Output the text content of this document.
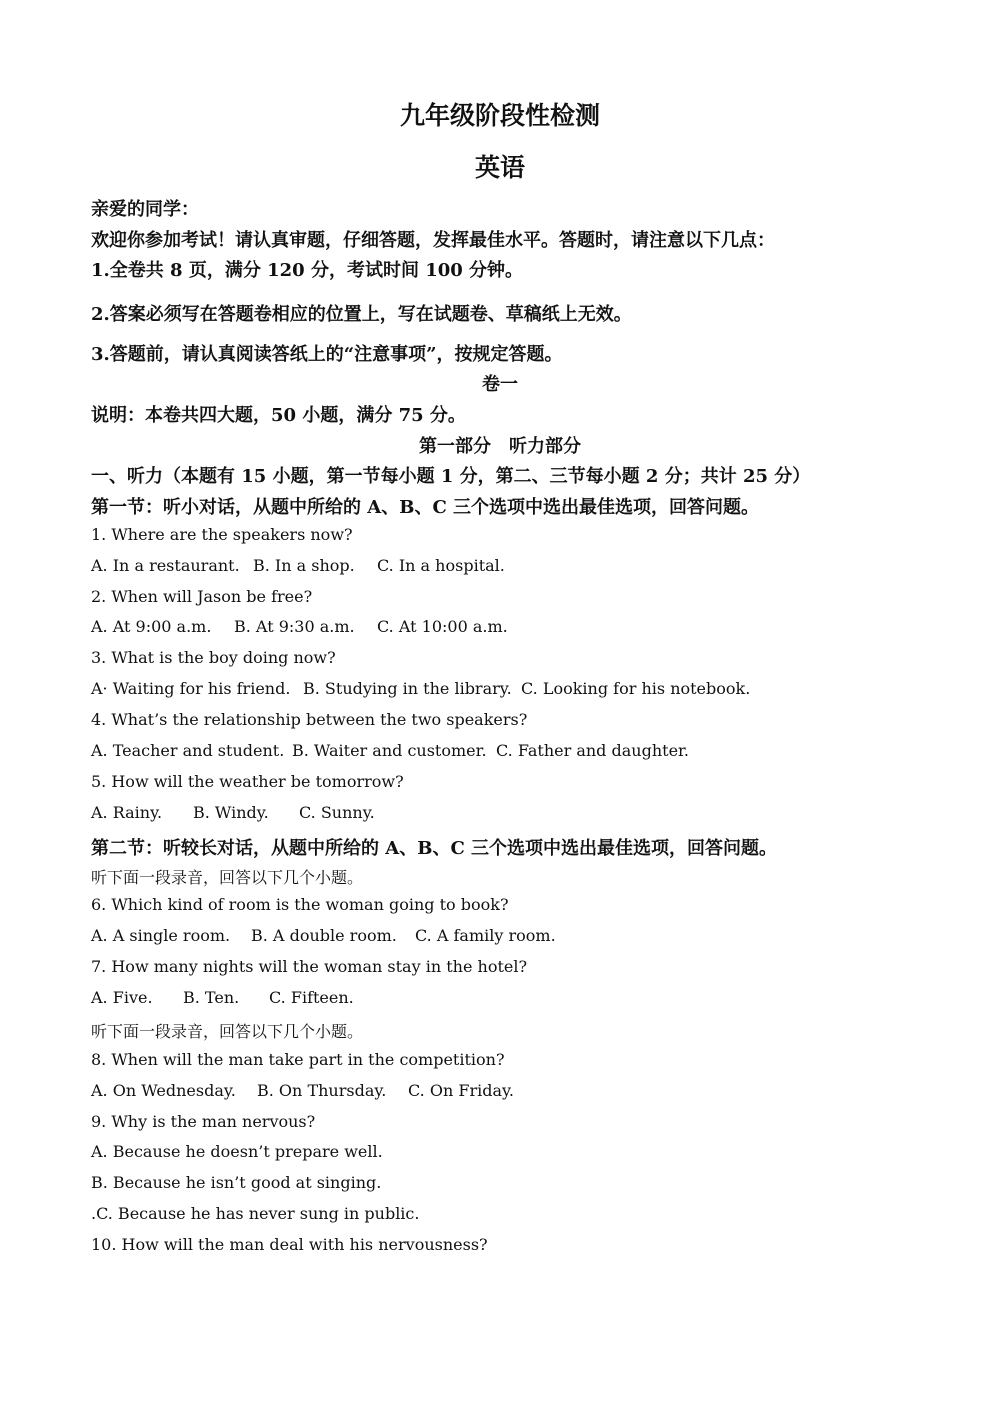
九年级阶段性检测
英语
亲爱的同学：
欢迎你参加考试！请认真审题，仔细答题，发挥最佳水平。答题时，请注意以下几点：
1.全卷共 8 页，满分 120 分，考试时间 100 分钟。
2.答案必须写在答题卷相应的位置上，写在试题卷、草稿纸上无效。
3.答题前，请认真阅读答纸上的“注意事项”，按规定答题。
卷一
说明：本卷共四大题，50 小题，满分 75 分。
第一部分　听力部分
一、听力（本题有 15 小题，第一节每小题 1 分，第二、三节每小题 2 分；共计 25 分）
第一节：听小对话，从题中所给的 A、B、C 三个选项中选出最佳选项，回答问题。
1. Where are the speakers now?
A. In a restaurant. B. In a shop. C. In a hospital.
2. When will Jason be free?
A. At 9:00 a.m. B. At 9:30 a.m. C. At 10:00 a.m.
3. What is the boy doing now?
A· Waiting for his friend. B. Studying in the library. C. Looking for his notebook.
4. What’s the relationship between the two speakers?
A. Teacher and student. B. Waiter and customer. C. Father and daughter.
5. How will the weather be tomorrow?
A. Rainy. B. Windy. C. Sunny.
第二节：听较长对话，从题中所给的 A、B、C 三个选项中选出最佳选项，回答问题。
听下面一段录音，回答以下几个小题。
6. Which kind of room is the woman going to book?
A. A single room. B. A double room. C. A family room.
7. How many nights will the woman stay in the hotel?
A. Five. B. Ten. C. Fifteen.
听下面一段录音，回答以下几个小题。
8. When will the man take part in the competition?
A. On Wednesday. B. On Thursday. C. On Friday.
9. Why is the man nervous?
A. Because he doesn’t prepare well.
B. Because he isn’t good at singing.
.C. Because he has never sung in public.
10. How will the man deal with his nervousness?
